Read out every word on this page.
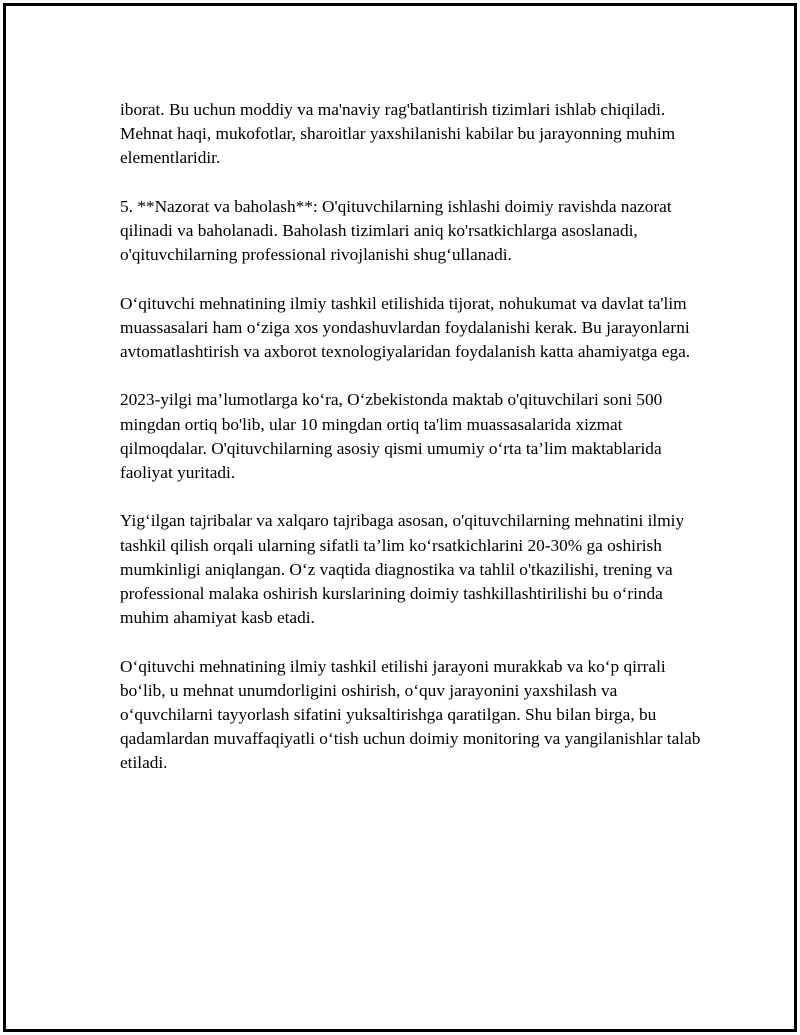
iborat. Bu uchun moddiy va ma'naviy rag'batlantirish tizimlari ishlab chiqiladi. Mehnat haqi, mukofotlar, sharoitlar yaxshilanishi kabilar bu jarayonning muhim elementlaridir.

5. **Nazorat va baholash**: O'qituvchilarning ishlashi doimiy ravishda nazorat qilinadi va baholanadi. Baholash tizimlari aniq ko'rsatkichlarga asoslanadi, o'qituvchilarning professional rivojlanishi shug‘ullanadi.

O‘qituvchi mehnatining ilmiy tashkil etilishida tijorat, nohukumat va davlat ta'lim muassasalari ham o‘ziga xos yondashuvlardan foydalanishi kerak. Bu jarayonlarni avtomatlashtirish va axborot texnologiyalaridan foydalanish katta ahamiyatga ega.

2023-yilgi ma’lumotlarga ko‘ra, O‘zbekistonda maktab o'qituvchilari soni 500 mingdan ortiq bo'lib, ular 10 mingdan ortiq ta'lim muassasalarida xizmat qilmoqdalar. O'qituvchilarning asosiy qismi umumiy o‘rta ta’lim maktablarida faoliyat yuritadi.

Yig‘ilgan tajribalar va xalqaro tajribaga asosan, o'qituvchilarning mehnatini ilmiy tashkil qilish orqali ularning sifatli ta’lim ko‘rsatkichlarini 20-30% ga oshirish mumkinligi aniqlangan. O‘z vaqtida diagnostika va tahlil o'tkazilishi, trening va professional malaka oshirish kurslarining doimiy tashkillashtirilishi bu o‘rinda muhim ahamiyat kasb etadi.

O‘qituvchi mehnatining ilmiy tashkil etilishi jarayoni murakkab va ko‘p qirrali bo‘lib, u mehnat unumdorligini oshirish, o‘quv jarayonini yaxshilash va o‘quvchilarni tayyorlash sifatini yuksaltirishga qaratilgan. Shu bilan birga, bu qadamlardan muvaffaqiyatli o‘tish uchun doimiy monitoring va yangilanishlar talab etiladi.
